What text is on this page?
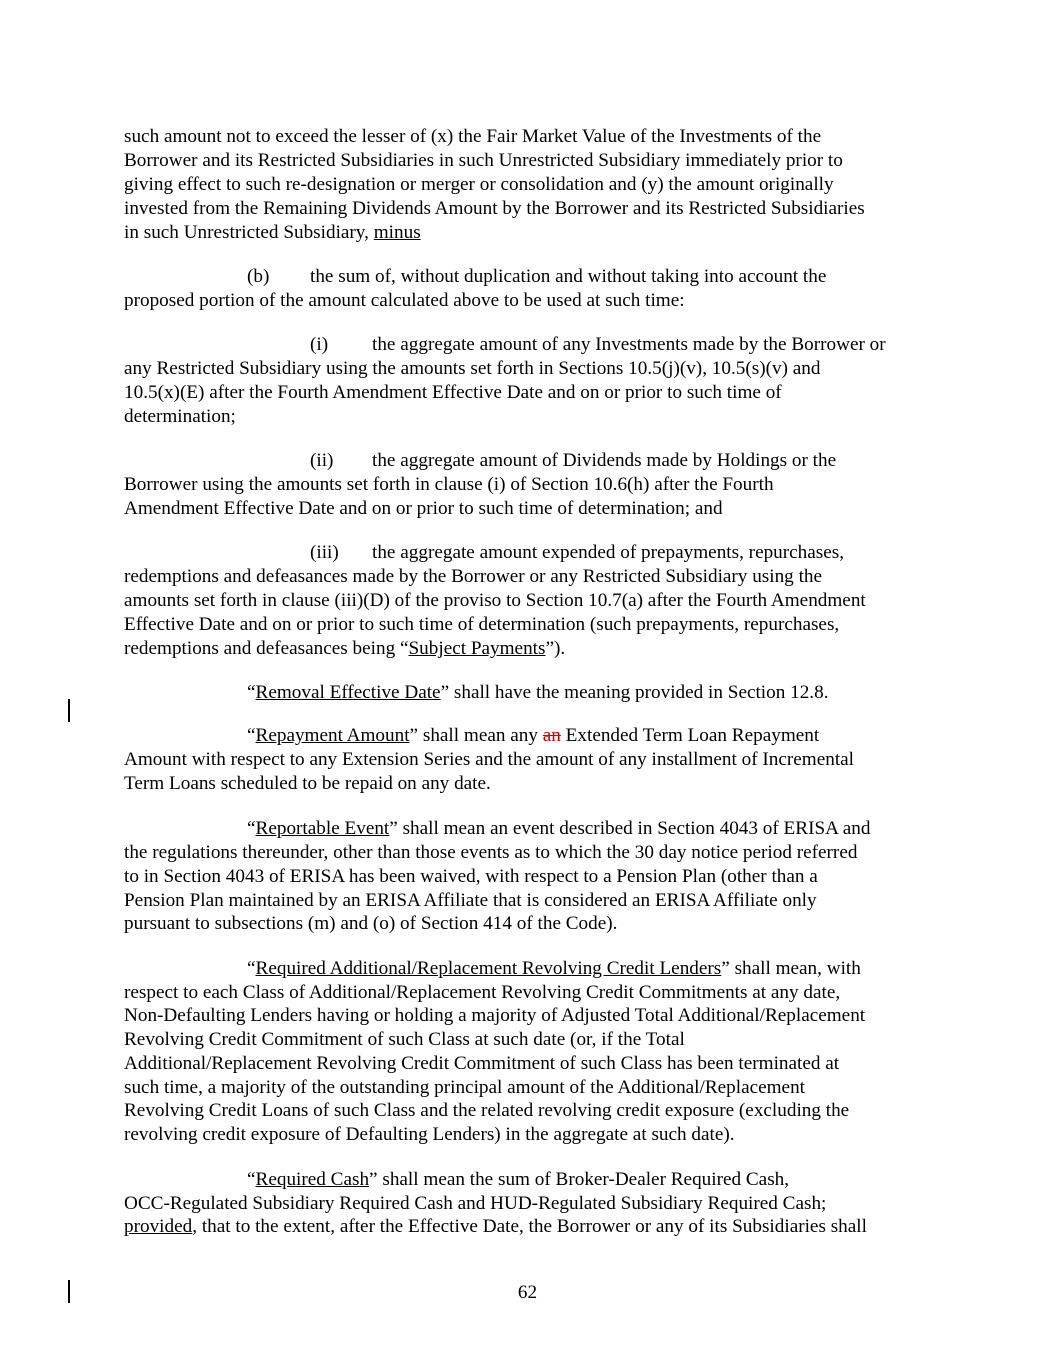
such amount not to exceed the lesser of (x) the Fair Market Value of the Investments of the
Borrower and its Restricted Subsidiaries in such Unrestricted Subsidiary immediately prior to
giving effect to such re-designation or merger or consolidation and (y) the amount originally
invested from the Remaining Dividends Amount by the Borrower and its Restricted Subsidiaries
in such Unrestricted Subsidiary, minus
(b) the sum of, without duplication and without taking into account the
proposed portion of the amount calculated above to be used at such time:
(i) the aggregate amount of any Investments made by the Borrower or
any Restricted Subsidiary using the amounts set forth in Sections 10.5(j)(v), 10.5(s)(v) and
10.5(x)(E) after the Fourth Amendment Effective Date and on or prior to such time of
determination;
(ii) the aggregate amount of Dividends made by Holdings or the
Borrower using the amounts set forth in clause (i) of Section 10.6(h) after the Fourth
Amendment Effective Date and on or prior to such time of determination; and
(iii) the aggregate amount expended of prepayments, repurchases,
redemptions and defeasances made by the Borrower or any Restricted Subsidiary using the
amounts set forth in clause (iii)(D) of the proviso to Section 10.7(a) after the Fourth Amendment
Effective Date and on or prior to such time of determination (such prepayments, repurchases,
redemptions and defeasances being “Subject Payments”).
“Removal Effective Date” shall have the meaning provided in Section 12.8.
“Repayment Amount” shall mean any an Extended Term Loan Repayment
Amount with respect to any Extension Series and the amount of any installment of Incremental
Term Loans scheduled to be repaid on any date.
“Reportable Event” shall mean an event described in Section 4043 of ERISA and
the regulations thereunder, other than those events as to which the 30 day notice period referred
to in Section 4043 of ERISA has been waived, with respect to a Pension Plan (other than a
Pension Plan maintained by an ERISA Affiliate that is considered an ERISA Affiliate only
pursuant to subsections (m) and (o) of Section 414 of the Code).
“Required Additional/Replacement Revolving Credit Lenders” shall mean, with
respect to each Class of Additional/Replacement Revolving Credit Commitments at any date,
Non-Defaulting Lenders having or holding a majority of Adjusted Total Additional/Replacement
Revolving Credit Commitment of such Class at such date (or, if the Total
Additional/Replacement Revolving Credit Commitment of such Class has been terminated at
such time, a majority of the outstanding principal amount of the Additional/Replacement
Revolving Credit Loans of such Class and the related revolving credit exposure (excluding the
revolving credit exposure of Defaulting Lenders) in the aggregate at such date).
“Required Cash” shall mean the sum of Broker-Dealer Required Cash,
OCC-Regulated Subsidiary Required Cash and HUD-Regulated Subsidiary Required Cash;
provided, that to the extent, after the Effective Date, the Borrower or any of its Subsidiaries shall
62
